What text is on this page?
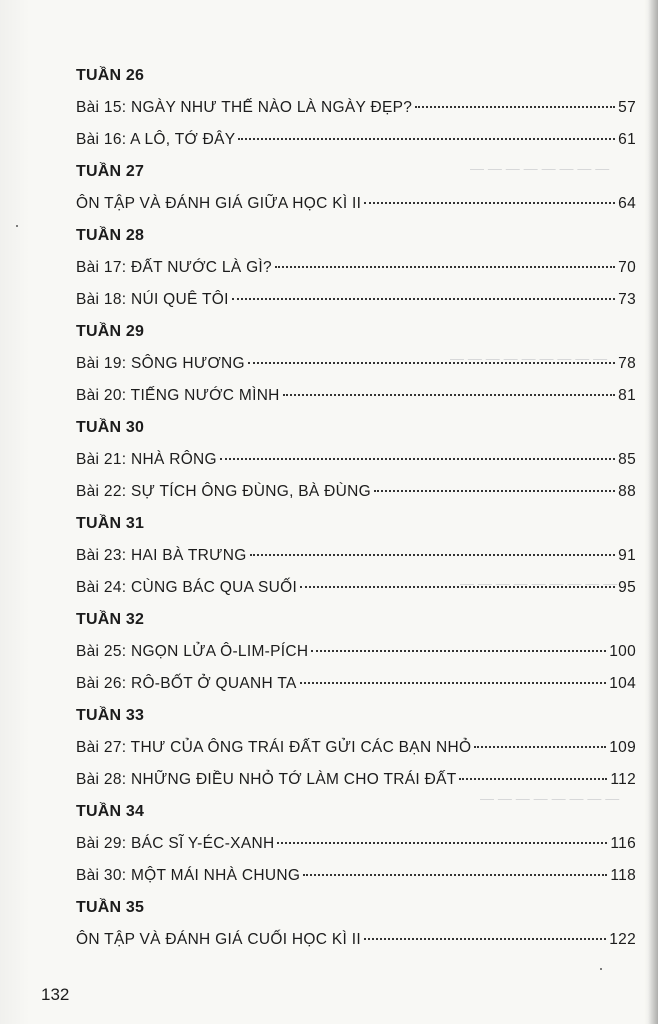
— — — — — — — —
— — — — — — — — —
— — — — — — — — —
— — — — — — — —
TUẦN 26
Bài 15: NGÀY NHƯ THẾ NÀO LÀ NGÀY ĐẸP?	57
Bài 16: A LÔ, TỚ ĐÂY	61
TUẦN 27
ÔN TẬP VÀ ĐÁNH GIÁ GIỮA HỌC KÌ II	64
TUẦN 28
Bài 17: ĐẤT NƯỚC LÀ GÌ?	70
Bài 18: NÚI QUÊ TÔI	73
TUẦN 29
Bài 19: SÔNG HƯƠNG	78
Bài 20: TIẾNG NƯỚC MÌNH	81
TUẦN 30
Bài 21: NHÀ RÔNG	85
Bài 22: SỰ TÍCH ÔNG ĐÙNG, BÀ ĐÙNG	88
TUẦN 31
Bài 23: HAI BÀ TRƯNG	91
Bài 24: CÙNG BÁC QUA SUỐI	95
TUẦN 32
Bài 25: NGỌN LỬA Ô-LIM-PÍCH	100
Bài 26: RÔ-BỐT Ở QUANH TA	104
TUẦN 33
Bài 27: THƯ CỦA ÔNG TRÁI ĐẤT GỬI CÁC BẠN NHỎ	109
Bài 28: NHỮNG ĐIỀU NHỎ TỚ LÀM CHO TRÁI ĐẤT	112
TUẦN 34
Bài 29: BÁC SĨ Y-ÉC-XANH	116
Bài 30: MỘT MÁI NHÀ CHUNG	118
TUẦN 35
ÔN TẬP VÀ ĐÁNH GIÁ CUỐI HỌC KÌ II	122
132
